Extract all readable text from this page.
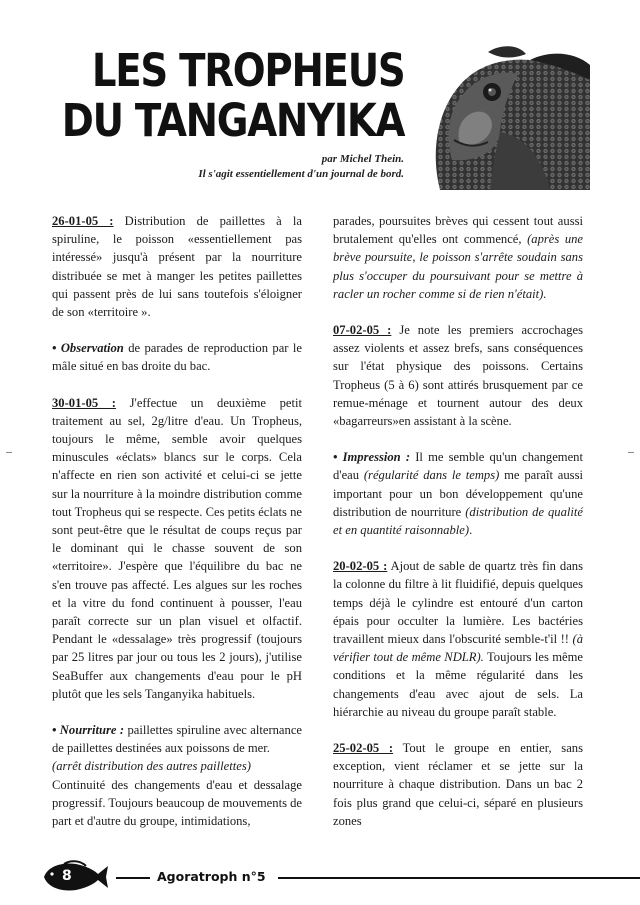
LES TROPHEUS
DU TANGANYIKA
par Michel Thein.
Il s'agit essentiellement d'un journal de bord.

26-01-05 : Distribution de paillettes à la spiruline, le poisson «essentiellement pas intéressé» jusqu'à présent par la nourriture distribuée se met à manger les petites paillettes qui passent près de lui sans toutefois s'éloigner de son «territoire ».

• Observation de parades de reproduction par le mâle situé en bas droite du bac.

30-01-05 : J'effectue un deuxième petit traitement au sel, 2g/litre d'eau. Un Tropheus, toujours le même, semble avoir quelques minuscules «éclats» blancs sur le corps. Cela n'affecte en rien son activité et celui-ci se jette sur la nourriture à la moindre distribution comme tout Tropheus qui se respecte. Ces petits éclats ne sont peut-être que le résultat de coups reçus par le dominant qui le chasse souvent de son «territoire». J'espère que l'équilibre du bac ne s'en trouve pas affecté. Les algues sur les roches et la vitre du fond continuent à pousser, l'eau paraît correcte sur un plan visuel et olfactif. Pendant le «dessalage» très progressif (toujours par 25 litres par jour ou tous les 2 jours), j'utilise SeaBuffer aux changements d'eau pour le pH plutôt que les sels Tanganyika habituels.

• Nourriture : paillettes spiruline avec alternance de paillettes destinées aux poissons de mer.
(arrêt distribution des autres paillettes)
Continuité des changements d'eau et dessalage progressif. Toujours beaucoup de mouvements de part et d'autre du groupe, intimidations,

parades, poursuites brèves qui cessent tout aussi brutalement qu'elles ont commencé, (après une brève poursuite, le poisson s'arrête soudain sans plus s'occuper du poursuivant pour se mettre à racler un rocher comme si de rien n'était).

07-02-05 : Je note les premiers accrochages assez violents et assez brefs, sans conséquences sur l'état physique des poissons. Certains Tropheus (5 à 6) sont attirés brusquement par ce remue-ménage et tournent autour des deux «bagarreurs»en assistant à la scène.

• Impression : Il me semble qu'un changement d'eau (régularité dans le temps) me paraît aussi important pour un bon développement qu'une distribution de nourriture (distribution de qualité et en quantité raisonnable).

20-02-05 : Ajout de sable de quartz très fin dans la colonne du filtre à lit fluidifié, depuis quelques temps déjà le cylindre est entouré d'un carton épais pour occulter la lumière. Les bactéries travaillent mieux dans l'obscurité semble-t'il !! (à vérifier tout de même NDLR). Toujours les même conditions et la même régularité dans les changements d'eau avec ajout de sels. La hiérarchie au niveau du groupe paraît stable.

25-02-05 : Tout le groupe en entier, sans exception, vient réclamer et se jette sur la nourriture à chaque distribution. Dans un bac 2 fois plus grand que celui-ci, séparé en plusieurs zones

8	Agoratroph n°5
